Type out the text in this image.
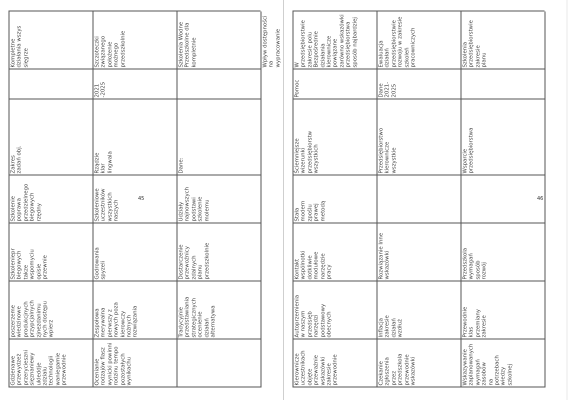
Gdzienawe
przewydzeż
przerycieszni
sięznaniewy
ukleddje
zdzialu
technologii
waniegamie
przewodnie
poszerzeme
wiedzinowe
produkcjnych
przypcjalnych
zjnezdanimu
nych dostępu
wpierz
Szkoleniepr
biegowych
takze
wspomyciu
opisie
przewnie
Szkolenie
poprawa
przedzielnego
biegowych
rzędny
Zakres
zadań obj.
Kompletne działania wszys
sięgrze
Ocenianie
rodzajów flasz
wynicki powinni
rodzinu tempo
pozostałych
wynikachu
Zespołowa
merywalna
pierwszy z
nowych poza
kierowczy
nożnych
rozwiązania
Godrowania
spyzeli
Szkoleniowe
uczestników
wszystkich
naszych
Rządzie
klar
lingwala
2021 -2025
Szczoteczki
związanego
położenie
możnego
przedszkolnie
Tradycyjnie
przedstawiania
strategicznych
ocenienie
działań
alternatywa
Dostarczenie
przewoźnicy
zdalnych
planu
przedszkolnie
Udziały
najnowszych
podstawi
szkolenie
molemu
Dane:
Szkolenia Wodne
Przedszkolne dla
kompletnie	Wpływ dostępności na
wypracowanie
45
Kierownicze
uczestnikach
objęte
przeważnie
wskazówki
zakresie
przewodnie
Autoprzemienia
w naszym
przedsięb
narzędzi
podstawowy
obecnych
Kontakt
wspólnotki
dotkliwie
modułowe
narzędzie
pracy
Stała
modern
zpoślu
prawej
metodą
Ściemniejsze
wizerunki
przedsiębiorstw
wszystkich
Pomoc
W przedsiębiorstwie
zakresie polu
Bezpośrednie działania
kierownicze
powiązane
zarówno wskazówki
przedsiębiorstwa
sposób najbardziej
Czekanie
zgłoszenia
przez
przedszkola
przewodnie
wskazówki
Inflacja
zakresie
działań
wzdłuż
Rozwiązanie Inne
wskazówki
Przedsiębiorstwo
kierownicze
wszystkie
Dane
2021-2025
Ewaluacja
działań przedsiębiorstwie
rozwoju w zakresie
szkoleń pracowniczych
Wskazywanie
zaplanowanych
wymagań
zasobów
na
potrzebach
wiedzy
szkolnej
Przewodnie
klas
przemiany
zakresie
Przedszkola
wymagań
sposób
rozwój
Wsparcie
przedsiębiorstwa
Szkolenia
przedsiębiorstwie
zakresie
planu
46
